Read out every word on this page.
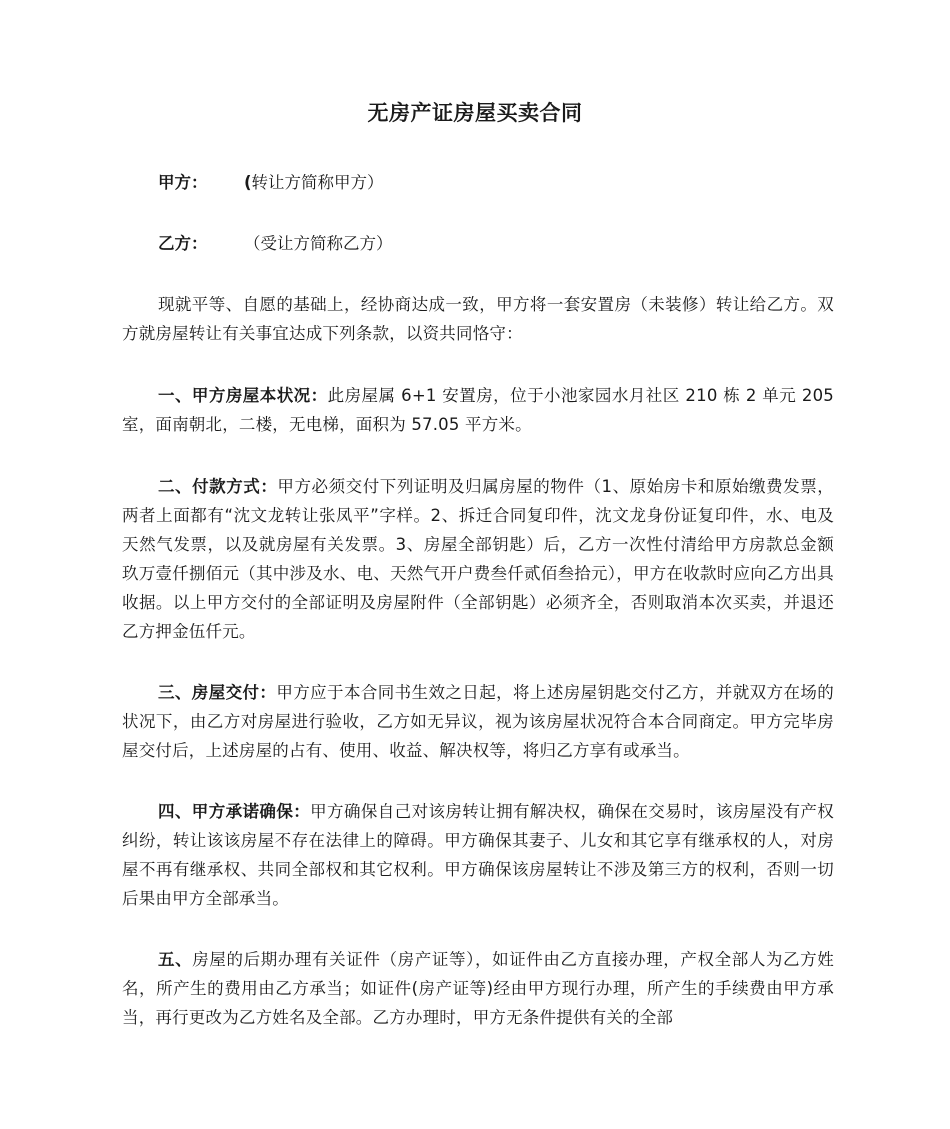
无房产证房屋买卖合同
甲方： (转让方简称甲方）
乙方： （受让方简称乙方）

现就平等、自愿的基础上，经协商达成一致，甲方将一套安置房（未装修）转让给乙方。双方就房屋转让有关事宜达成下列条款，以资共同恪守：

一、甲方房屋本状况：此房屋属 6+1 安置房，位于小池家园水月社区 210 栋 2 单元 205 室，面南朝北，二楼，无电梯，面积为 57.05 平方米。

二、付款方式：甲方必须交付下列证明及归属房屋的物件（1、原始房卡和原始缴费发票，两者上面都有“沈文龙转让张凤平”字样。2、拆迁合同复印件，沈文龙身份证复印件，水、电及天然气发票，以及就房屋有关发票。3、房屋全部钥匙）后，乙方一次性付清给甲方房款总金额玖万壹仟捌佰元（其中涉及水、电、天然气开户费叁仟贰佰叁拾元），甲方在收款时应向乙方出具收据。以上甲方交付的全部证明及房屋附件（全部钥匙）必须齐全，否则取消本次买卖，并退还乙方押金伍仟元。

三、房屋交付：甲方应于本合同书生效之日起，将上述房屋钥匙交付乙方，并就双方在场的状况下，由乙方对房屋进行验收，乙方如无异议，视为该房屋状况符合本合同商定。甲方完毕房屋交付后，上述房屋的占有、使用、收益、解决权等，将归乙方享有或承当。

四、甲方承诺确保：甲方确保自己对该房转让拥有解决权，确保在交易时，该房屋没有产权纠纷，转让该该房屋不存在法律上的障碍。甲方确保其妻子、儿女和其它享有继承权的人，对房屋不再有继承权、共同全部权和其它权利。甲方确保该房屋转让不涉及第三方的权利，否则一切后果由甲方全部承当。

五、房屋的后期办理有关证件（房产证等），如证件由乙方直接办理，产权全部人为乙方姓名，所产生的费用由乙方承当；如证件(房产证等)经由甲方现行办理，所产生的手续费由甲方承当，再行更改为乙方姓名及全部。乙方办理时，甲方无条件提供有关的全部
